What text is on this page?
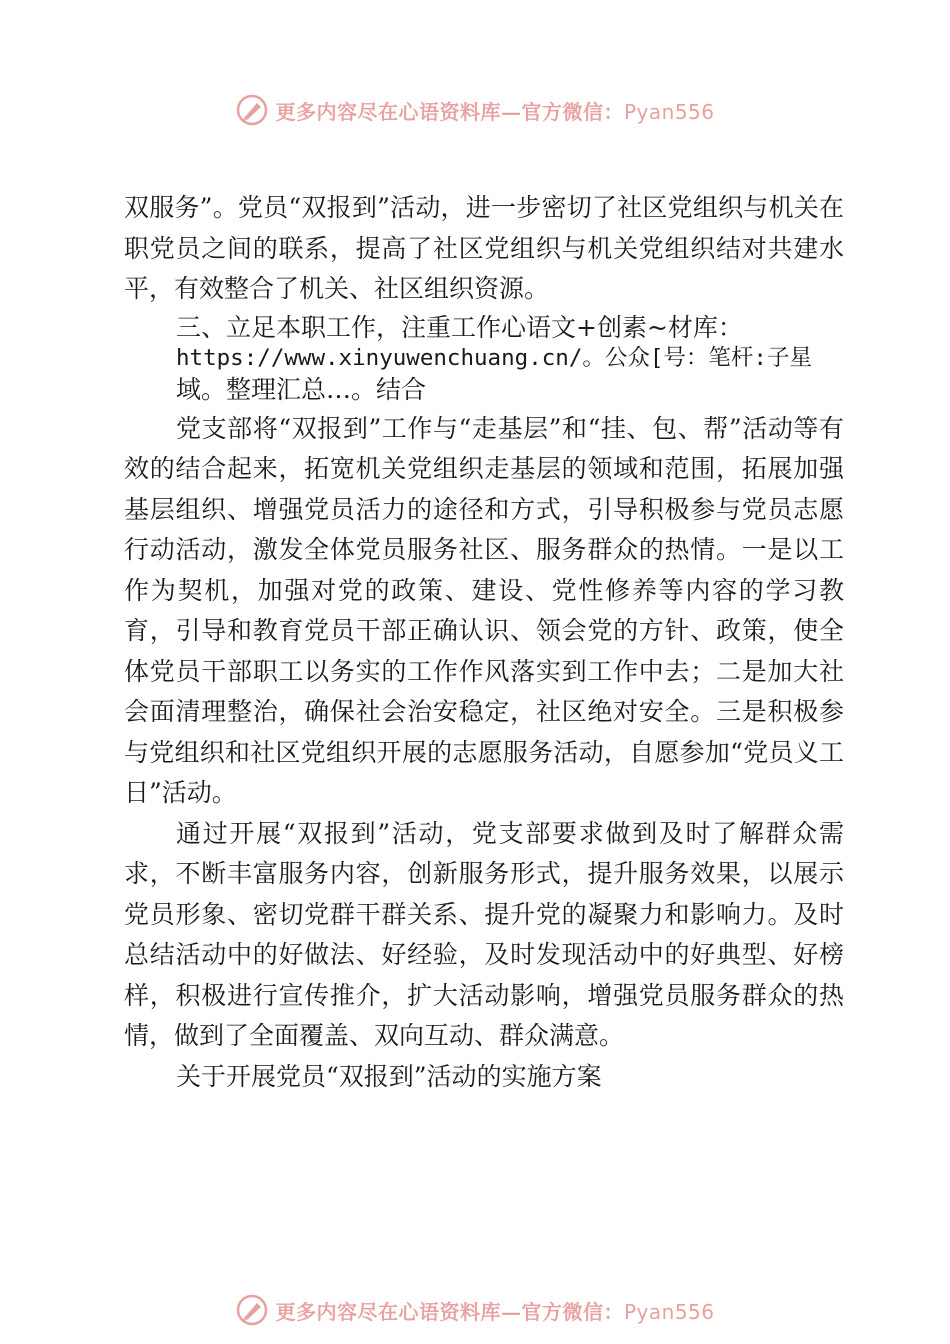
更多内容尽在心语资料库—官方微信：Pyan556

双服务”。党员“双报到”活动，进一步密切了社区党组织与机关在职党员之间的联系，提高了社区党组织与机关党组织结对共建水平，有效整合了机关、社区组织资源。

三、立足本职工作，注重工作心语文+创素~材库：
https://www.xinyuwenchuang.cn/。公众[号：笔杆:子星
域。整理汇总…。结合

党支部将“双报到”工作与“走基层”和“挂、包、帮”活动等有效的结合起来，拓宽机关党组织走基层的领域和范围，拓展加强基层组织、增强党员活力的途径和方式，引导积极参与党员志愿行动活动，激发全体党员服务社区、服务群众的热情。一是以工作为契机，加强对党的政策、建设、党性修养等内容的学习教育，引导和教育党员干部正确认识、领会党的方针、政策，使全体党员干部职工以务实的工作作风落实到工作中去；二是加大社会面清理整治，确保社会治安稳定，社区绝对安全。三是积极参与党组织和社区党组织开展的志愿服务活动，自愿参加“党员义工日”活动。

通过开展“双报到”活动，党支部要求做到及时了解群众需求，不断丰富服务内容，创新服务形式，提升服务效果，以展示党员形象、密切党群干群关系、提升党的凝聚力和影响力。及时总结活动中的好做法、好经验，及时发现活动中的好典型、好榜样，积极进行宣传推介，扩大活动影响，增强党员服务群众的热情，做到了全面覆盖、双向互动、群众满意。

关于开展党员“双报到”活动的实施方案

更多内容尽在心语资料库—官方微信：Pyan556
